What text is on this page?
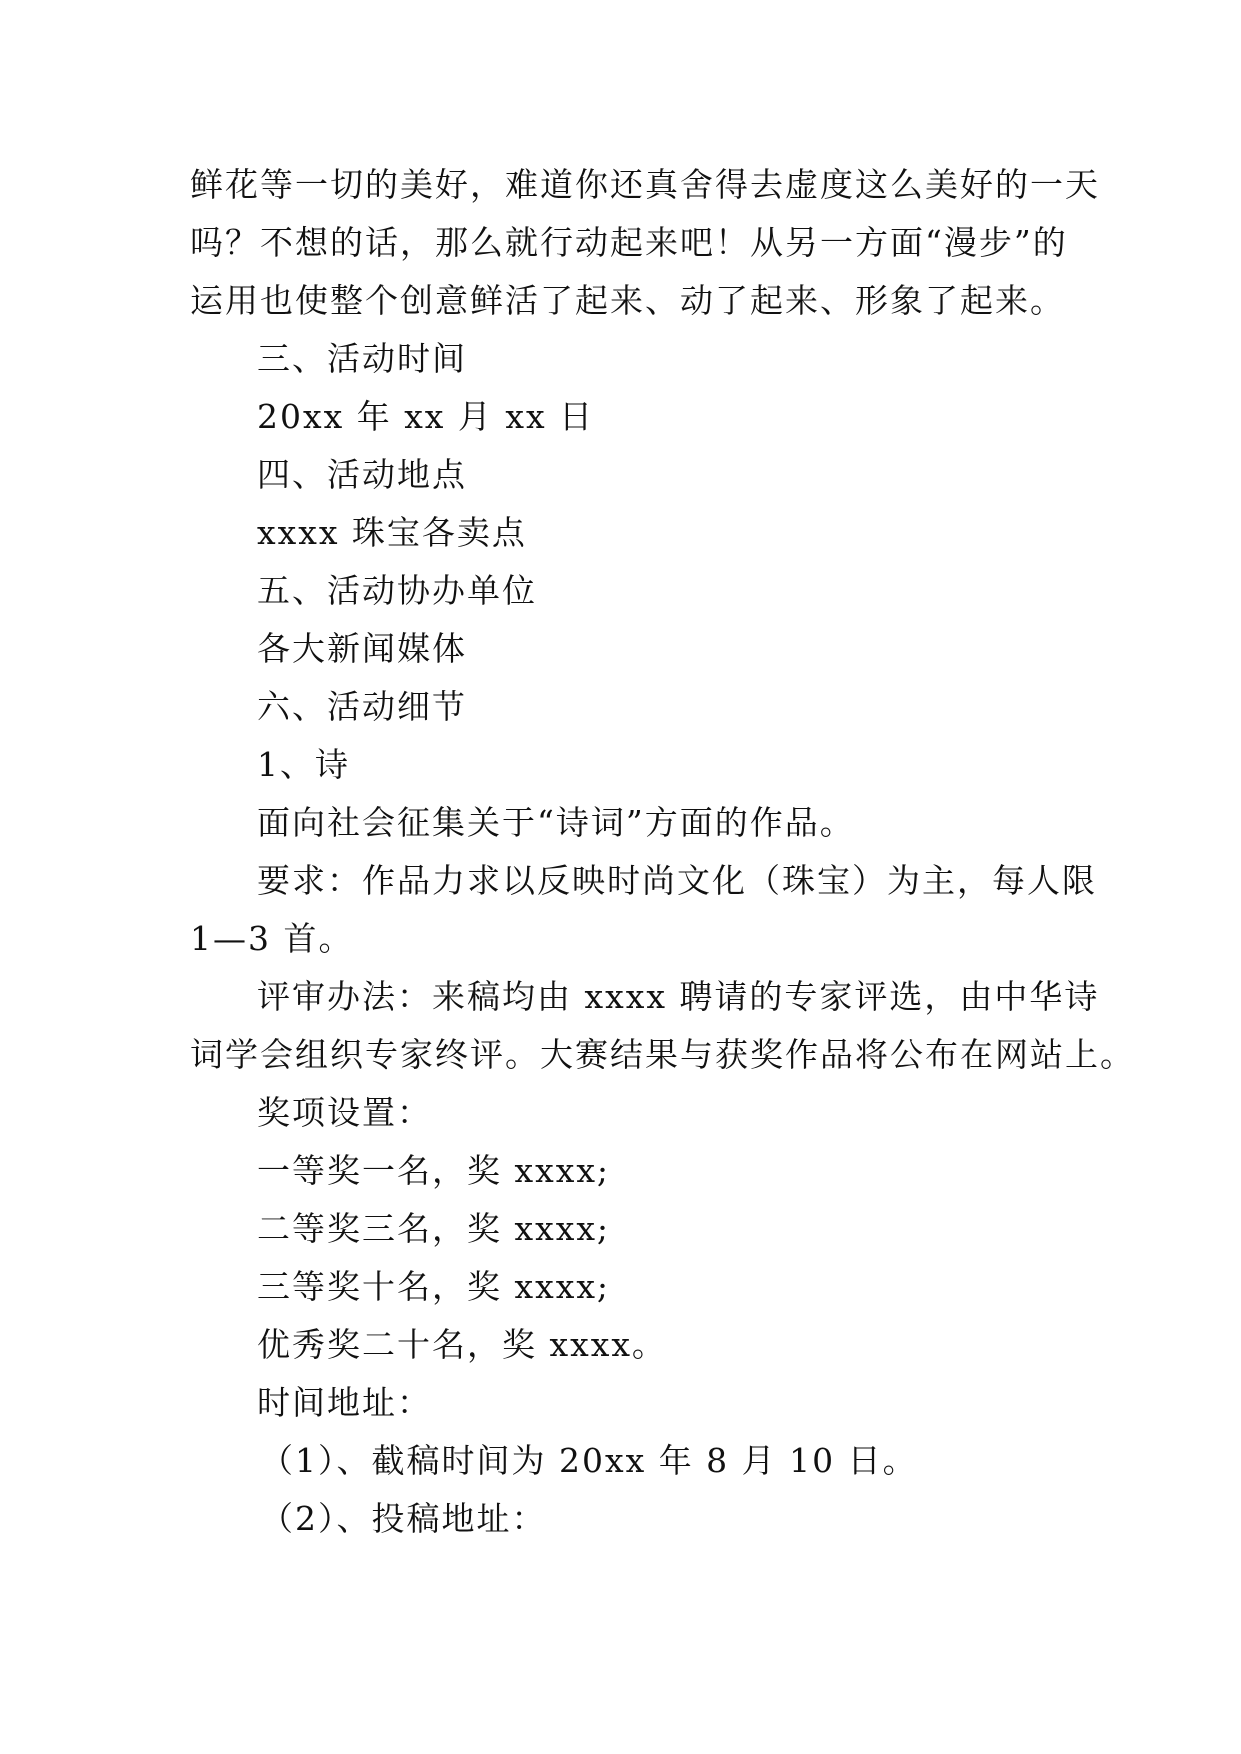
鲜花等一切的美好，难道你还真舍得去虚度这么美好的一天

吗？不想的话，那么就行动起来吧！从另一方面“漫步”的

运用也使整个创意鲜活了起来、动了起来、形象了起来。

三、活动时间

20xx 年 xx 月 xx 日

四、活动地点

xxxx 珠宝各卖点

五、活动协办单位

各大新闻媒体

六、活动细节

1、诗

面向社会征集关于“诗词”方面的作品。

要求：作品力求以反映时尚文化（珠宝）为主，每人限

1—3 首。

评审办法：来稿均由 xxxx 聘请的专家评选，由中华诗

词学会组织专家终评。大赛结果与获奖作品将公布在网站上。

奖项设置：

一等奖一名，奖 xxxx;

二等奖三名，奖 xxxx;

三等奖十名，奖 xxxx;

优秀奖二十名，奖 xxxx。

时间地址：

（1）、截稿时间为 20xx 年 8 月 10 日。

（2）、投稿地址：
